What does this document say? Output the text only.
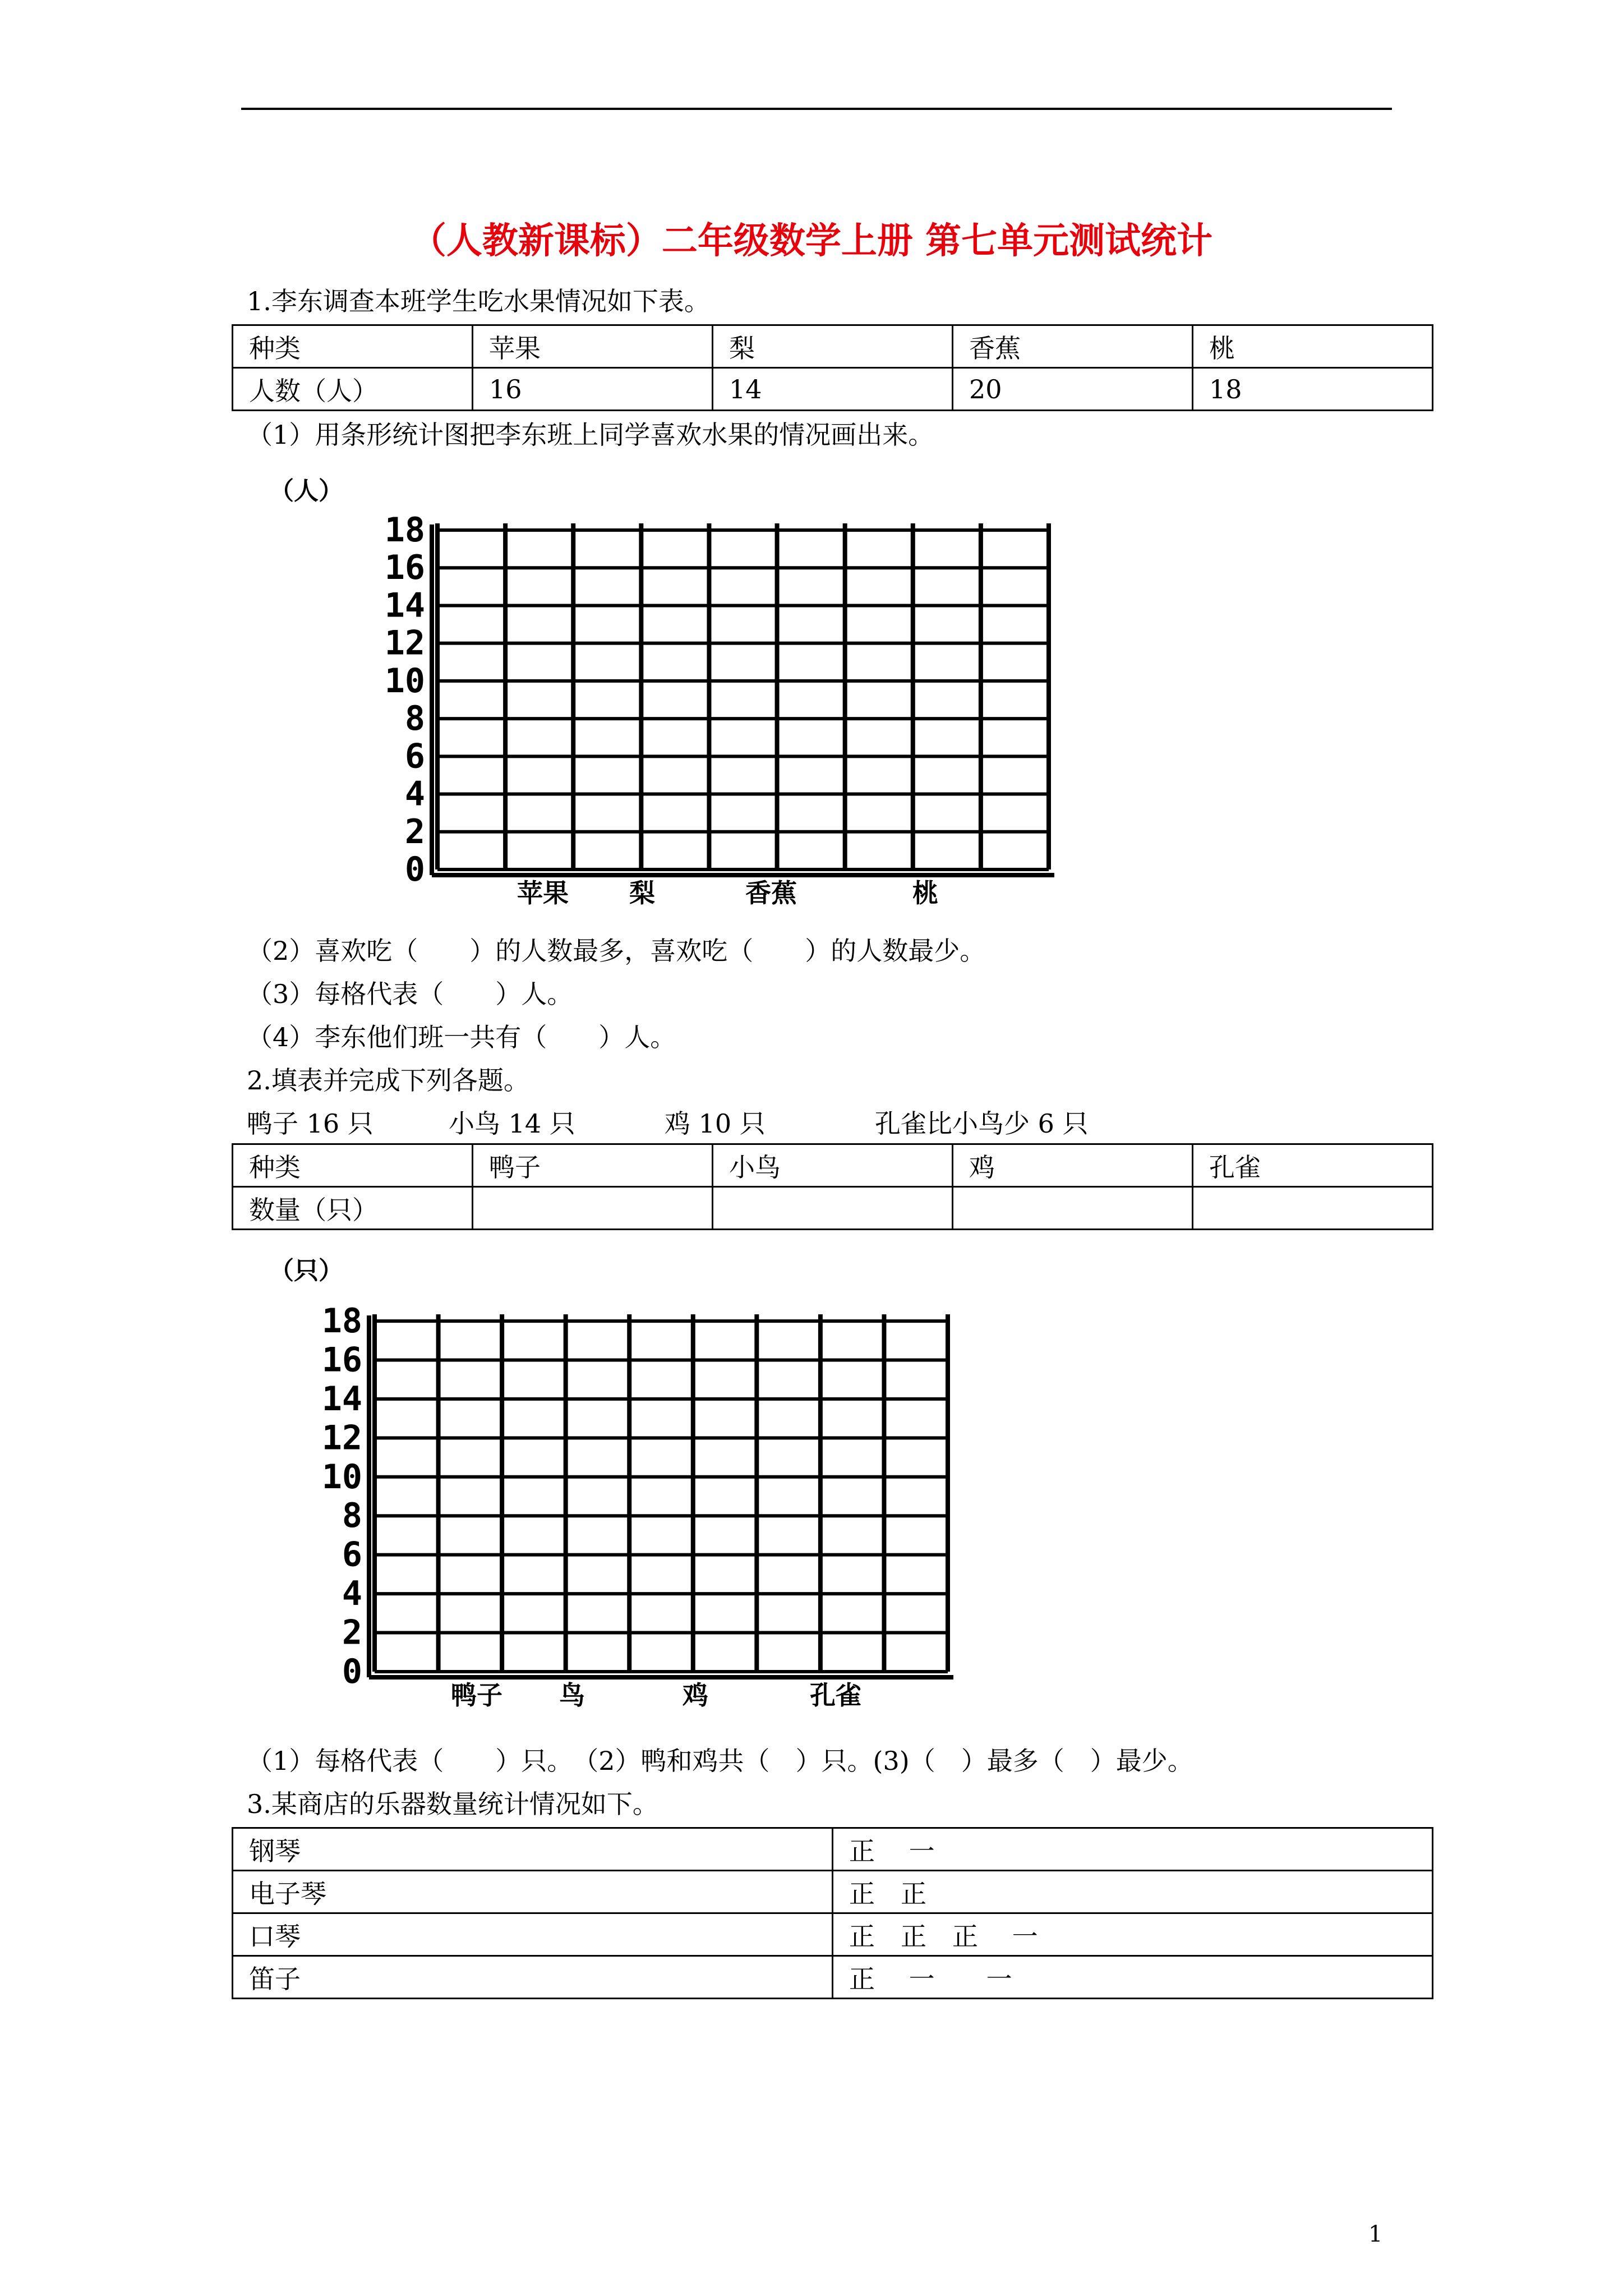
（人教新课标）二年级数学上册 第七单元测试统计
1.李东调查本班学生吃水果情况如下表。
种类	苹果	梨	香蕉	桃
人数（人）	16	14	20	18
（1）用条形统计图把李东班上同学喜欢水果的情况画出来。
（人）
18
16
14
12
10
8
6
4
2
0
苹果 梨	香蕉	桃
（2）喜欢吃（　　）的人数最多，喜欢吃（　　）的人数最少。
（3）每格代表（　　）人。
（4）李东他们班一共有（　　）人。
2.填表并完成下列各题。
鸭子 16 只	小鸟 14 只	鸡 10 只	孔雀比小鸟少 6 只
种类	鸭子	小鸟	鸡	孔雀
数量（只）				
（只）
18
16
14
12
10
8
6
4
2
0
鸭子 鸟	鸡	孔雀
（1）每格代表（　　）只。　（2）鸭和鸡共（　）只。(3)（　）最多（　）最少。
3.某商店的乐器数量统计情况如下。
钢琴	正　 一
电子琴	正　正
口琴	正　正　正　 一
笛子	正　 一　　一
1
